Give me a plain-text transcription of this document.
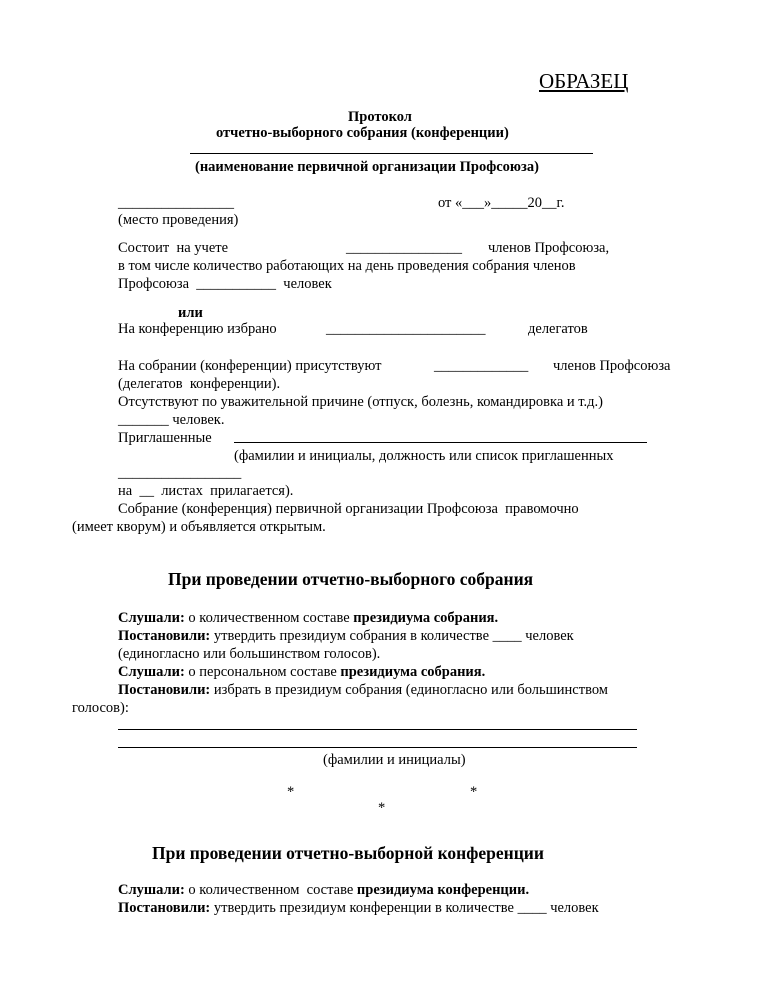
ОБРАЗЕЦ
Протокол
отчетно-выборного собрания (конференции)
(наименование первичной организации Профсоюза)
________________
(место проведения)
от «___»_____20__г.
Состоит  на учете	________________ членов Профсоюза,
в том числе количество работающих на день проведения собрания членов
Профсоюза  ___________  человек
или
На конференцию избрано	______________________	делегатов
На собрании (конференции) присутствуют	_____________ членов Профсоюза
(делегатов  конференции).
Отсутствуют по уважительной причине (отпуск, болезнь, командировка и т.д.)
_______ человек.
Приглашенные
(фамилии и инициалы, должность или список приглашенных
_________________
на  __  листах  прилагается).
Собрание (конференция) первичной организации Профсоюза  правомочно
(имеет кворум) и объявляется открытым.
При проведении отчетно-выборного собрания
Слушали: о количественном составе президиума собрания.
Постановили: утвердить президиум собрания в количестве ____ человек
(единогласно или большинством голосов).
Слушали: о персональном составе президиума собрания.
Постановили: избрать в президиум собрания (единогласно или большинством
голосов):
(фамилии и инициалы)
*	*
*
При проведении отчетно-выборной конференции
Слушали: о количественном  составе президиума конференции.
Постановили: утвердить президиум конференции в количестве ____ человек
